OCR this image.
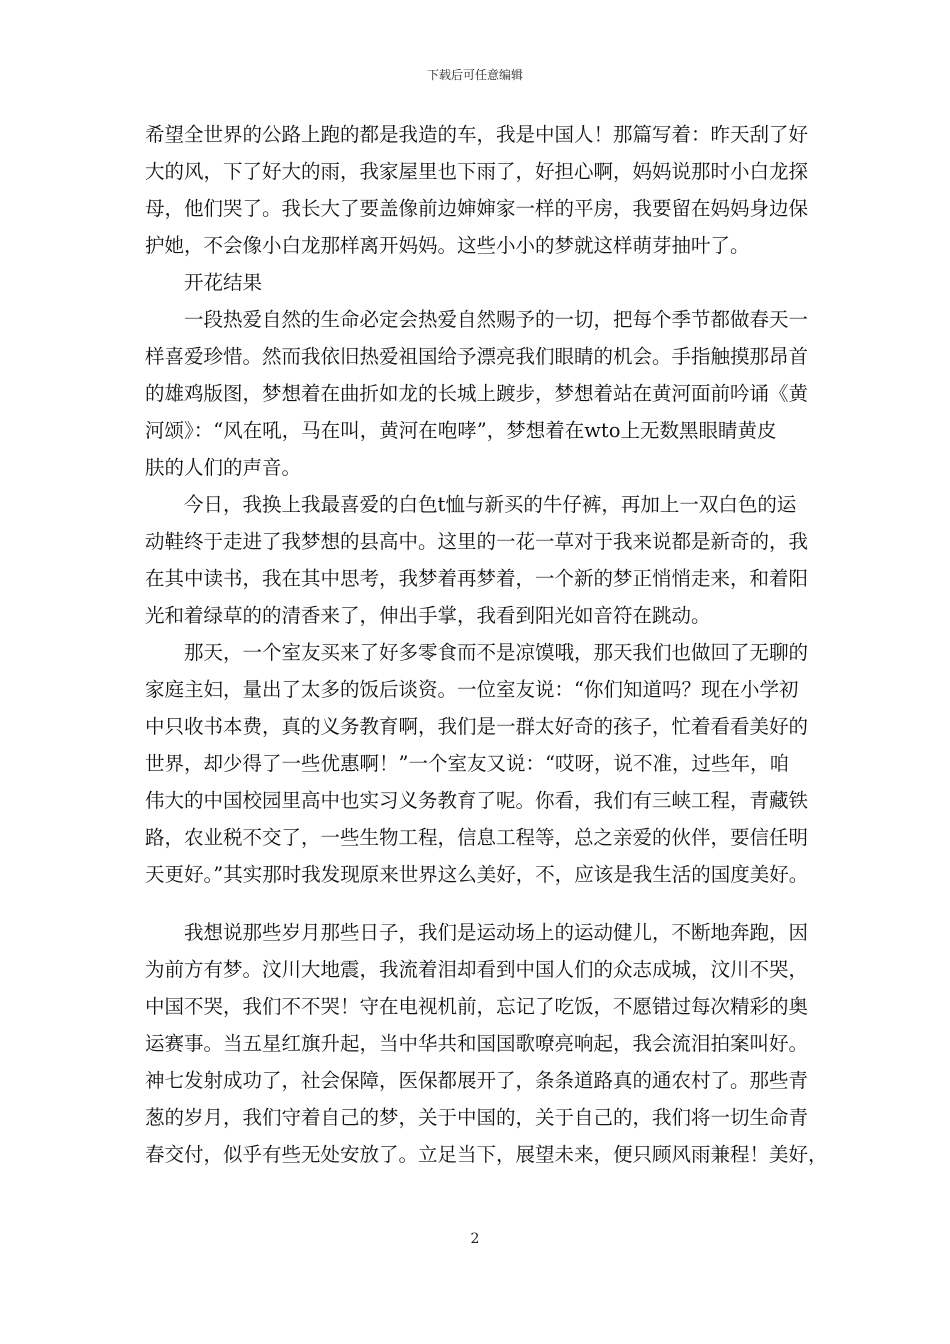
下载后可任意编辑
希望全世界的公路上跑的都是我造的车，我是中国人！那篇写着：昨天刮了好
大的风，下了好大的雨，我家屋里也下雨了，好担心啊，妈妈说那时小白龙探
母，他们哭了。我长大了要盖像前边婶婶家一样的平房，我要留在妈妈身边保
护她，不会像小白龙那样离开妈妈。这些小小的梦就这样萌芽抽叶了。
　　开花结果
　　一段热爱自然的生命必定会热爱自然赐予的一切，把每个季节都做春天一
样喜爱珍惜。然而我依旧热爱祖国给予漂亮我们眼睛的机会。手指触摸那昂首
的雄鸡版图，梦想着在曲折如龙的长城上踱步，梦想着站在黄河面前吟诵《黄
河颂》：“风在吼，马在叫，黄河在咆哮”，梦想着在wto上无数黑眼睛黄皮
肤的人们的声音。
　　今日，我换上我最喜爱的白色t恤与新买的牛仔裤，再加上一双白色的运
动鞋终于走进了我梦想的县高中。这里的一花一草对于我来说都是新奇的，我
在其中读书，我在其中思考，我梦着再梦着，一个新的梦正悄悄走来，和着阳
光和着绿草的的清香来了，伸出手掌，我看到阳光如音符在跳动。
　　那天，一个室友买来了好多零食而不是凉馍哦，那天我们也做回了无聊的
家庭主妇，量出了太多的饭后谈资。一位室友说：“你们知道吗？现在小学初
中只收书本费，真的义务教育啊，我们是一群太好奇的孩子，忙着看看美好的
世界，却少得了一些优惠啊！”一个室友又说：“哎呀，说不准，过些年，咱
伟大的中国校园里高中也实习义务教育了呢。你看，我们有三峡工程，青藏铁
路，农业税不交了，一些生物工程，信息工程等，总之亲爱的伙伴，要信任明
天更好。”其实那时我发现原来世界这么美好，不，应该是我生活的国度美好。
　　我想说那些岁月那些日子，我们是运动场上的运动健儿，不断地奔跑，因
为前方有梦。汶川大地震，我流着泪却看到中国人们的众志成城，汶川不哭，
中国不哭，我们不不哭！守在电视机前，忘记了吃饭，不愿错过每次精彩的奥
运赛事。当五星红旗升起，当中华共和国国歌嘹亮响起，我会流泪拍案叫好。
神七发射成功了，社会保障，医保都展开了，条条道路真的通农村了。那些青
葱的岁月，我们守着自己的梦，关于中国的，关于自己的，我们将一切生命青
春交付，似乎有些无处安放了。立足当下，展望未来，便只顾风雨兼程！美好，
2
